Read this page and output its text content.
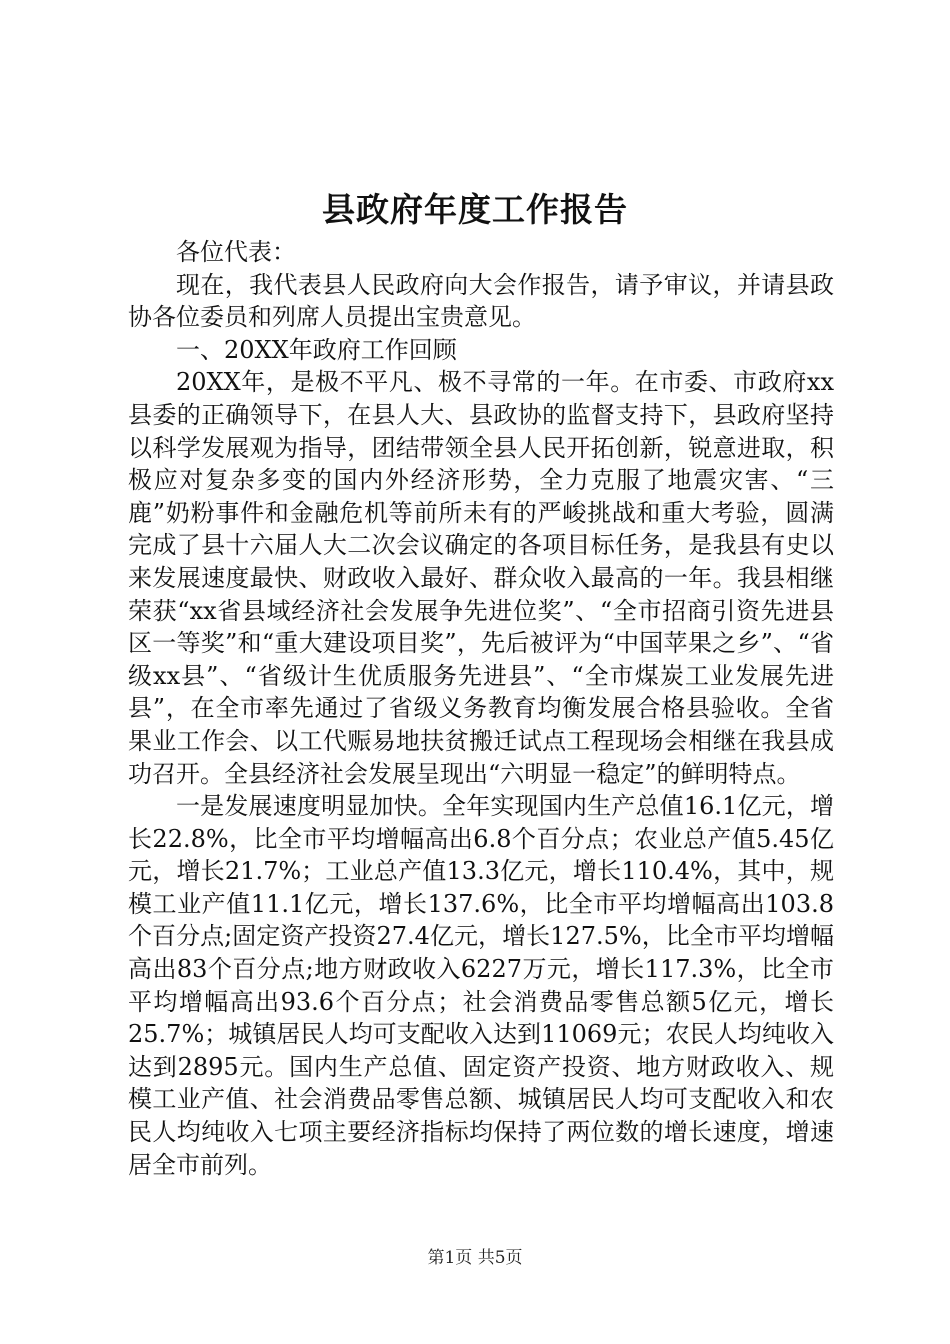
县政府年度工作报告

各位代表：

现在，我代表县人民政府向大会作报告，请予审议，并请县政协各位委员和列席人员提出宝贵意见。

一、20XX年政府工作回顾

20XX年，是极不平凡、极不寻常的一年。在市委、市政府xx县委的正确领导下，在县人大、县政协的监督支持下，县政府坚持以科学发展观为指导，团结带领全县人民开拓创新，锐意进取，积极应对复杂多变的国内外经济形势，全力克服了地震灾害、“三鹿”奶粉事件和金融危机等前所未有的严峻挑战和重大考验，圆满完成了县十六届人大二次会议确定的各项目标任务，是我县有史以来发展速度最快、财政收入最好、群众收入最高的一年。我县相继荣获“xx省县域经济社会发展争先进位奖”、“全市招商引资先进县区一等奖”和“重大建设项目奖”，先后被评为“中国苹果之乡”、“省级xx县”、“省级计生优质服务先进县”、“全市煤炭工业发展先进县”，在全市率先通过了省级义务教育均衡发展合格县验收。全省果业工作会、以工代赈易地扶贫搬迁试点工程现场会相继在我县成功召开。全县经济社会发展呈现出“六明显一稳定”的鲜明特点。

一是发展速度明显加快。全年实现国内生产总值16.1亿元，增长22.8%，比全市平均增幅高出6.8个百分点；农业总产值5.45亿元，增长21.7%；工业总产值13.3亿元，增长110.4%，其中，规模工业产值11.1亿元，增长137.6%，比全市平均增幅高出103.8个百分点;固定资产投资27.4亿元，增长127.5%，比全市平均增幅高出83个百分点;地方财政收入6227万元，增长117.3%，比全市平均增幅高出93.6个百分点；社会消费品零售总额5亿元，增长25.7%；城镇居民人均可支配收入达到11069元；农民人均纯收入达到2895元。国内生产总值、固定资产投资、地方财政收入、规模工业产值、社会消费品零售总额、城镇居民人均可支配收入和农民人均纯收入七项主要经济指标均保持了两位数的增长速度，增速居全市前列。

第1页 共5页
